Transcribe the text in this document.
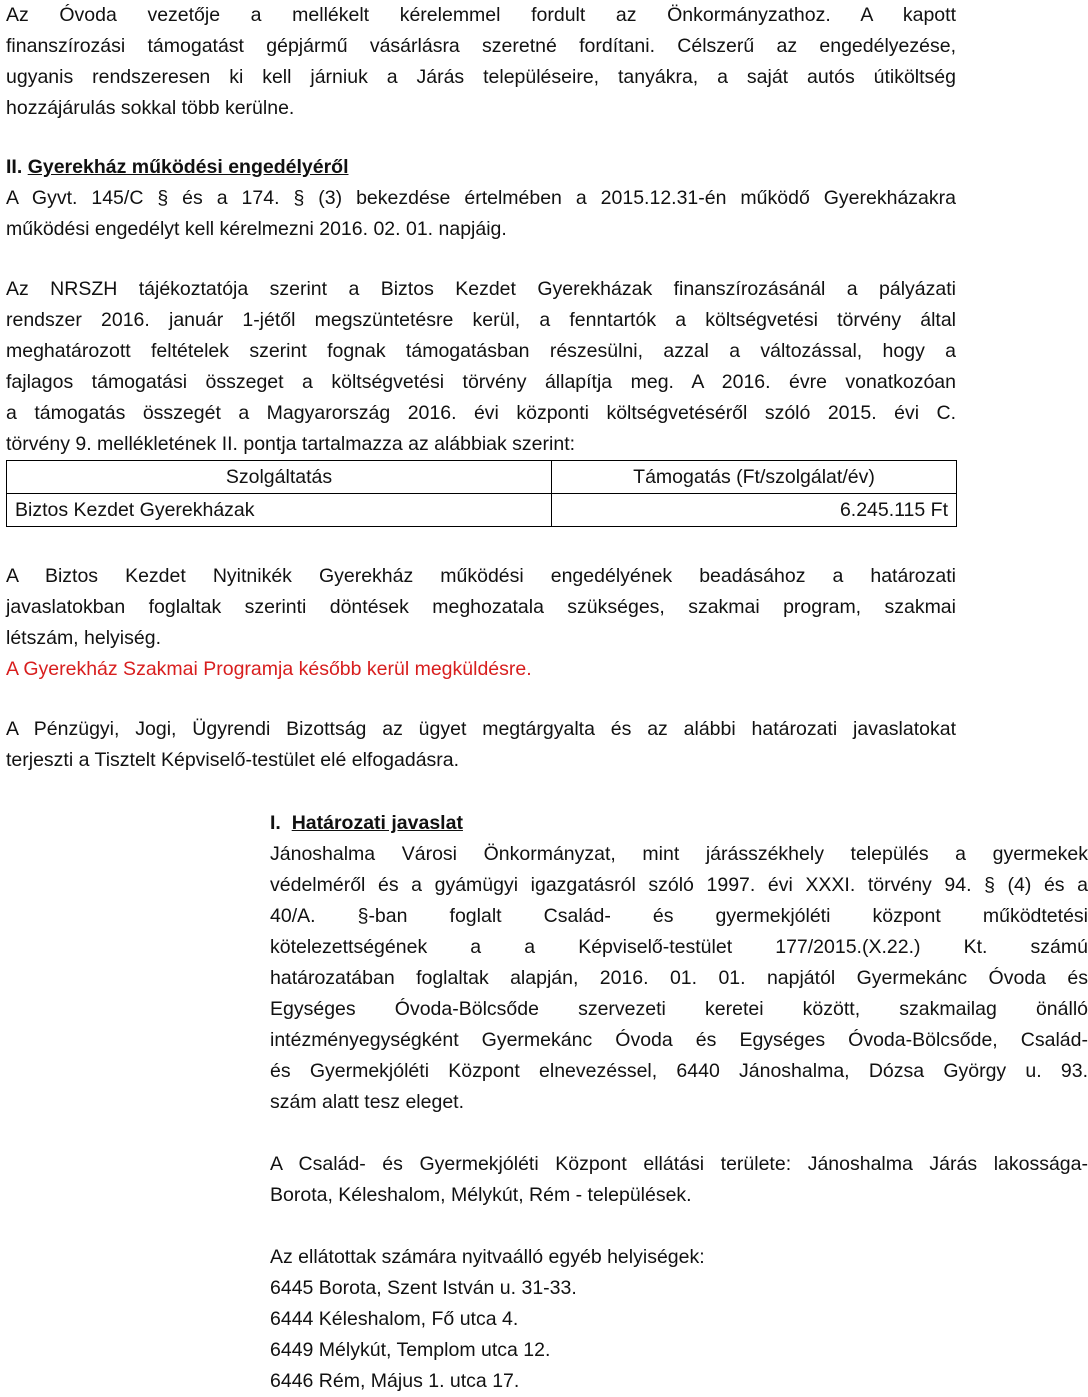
Az Óvoda vezetője a mellékelt kérelemmel fordult az Önkormányzathoz. A kapott

finanszírozási támogatást gépjármű vásárlásra szeretné fordítani. Célszerű az engedélyezése,

ugyanis rendszeresen ki kell járniuk a Járás településeire, tanyákra, a saját autós útiköltség

hozzájárulás sokkal több kerülne.

II. Gyerekház működési engedélyéről

A Gyvt. 145/C § és a 174. § (3) bekezdése értelmében a 2015.12.31-én működő Gyerekházakra

működési engedélyt kell kérelmezni 2016. 02. 01. napjáig.

Az NRSZH tájékoztatója szerint a Biztos Kezdet Gyerekházak finanszírozásánál a pályázati

rendszer 2016. január 1-jétől megszüntetésre kerül, a fenntartók a költségvetési törvény által

meghatározott feltételek szerint fognak támogatásban részesülni, azzal a változással, hogy a

fajlagos támogatási összeget a költségvetési törvény állapítja meg. A 2016. évre vonatkozóan

a támogatás összegét a Magyarország 2016. évi központi költségvetéséről szóló 2015. évi C.

törvény 9. mellékletének II. pontja tartalmazza az alábbiak szerint:

Szolgáltatás	Támogatás (Ft/szolgálat/év)
Biztos Kezdet Gyerekházak	6.245.115 Ft

A Biztos Kezdet Nyitnikék Gyerekház működési engedélyének beadásához a határozati

javaslatokban foglaltak szerinti döntések meghozatala szükséges, szakmai program, szakmai

létszám, helyiség.

A Gyerekház Szakmai Programja később kerül megküldésre.

A Pénzügyi, Jogi, Ügyrendi Bizottság az ügyet megtárgyalta és az alábbi határozati javaslatokat

terjeszti a Tisztelt Képviselő-testület elé elfogadásra.

I. Határozati javaslat

Jánoshalma Városi Önkormányzat, mint járásszékhely település a gyermekek

védelméről és a gyámügyi igazgatásról szóló 1997. évi XXXI. törvény 94. § (4) és a

40/A. §-ban foglalt Család- és gyermekjóléti központ működtetési

kötelezettségének a a Képviselő-testület 177/2015.(X.22.) Kt. számú

határozatában foglaltak alapján, 2016. 01. 01. napjától Gyermekánc Óvoda és

Egységes Óvoda-Bölcsőde szervezeti keretei között, szakmailag önálló

intézményegységként Gyermekánc Óvoda és Egységes Óvoda-Bölcsőde, Család-

és Gyermekjóléti Központ elnevezéssel, 6440 Jánoshalma, Dózsa György u. 93.

szám alatt tesz eleget.

A Család- és Gyermekjóléti Központ ellátási területe: Jánoshalma Járás lakossága-

Borota, Kéleshalom, Mélykút, Rém - települések.

Az ellátottak számára nyitvaálló egyéb helyiségek:

6445 Borota, Szent István u. 31-33.

6444 Kéleshalom, Fő utca 4.

6449 Mélykút, Templom utca 12.

6446 Rém, Május 1. utca 17.
